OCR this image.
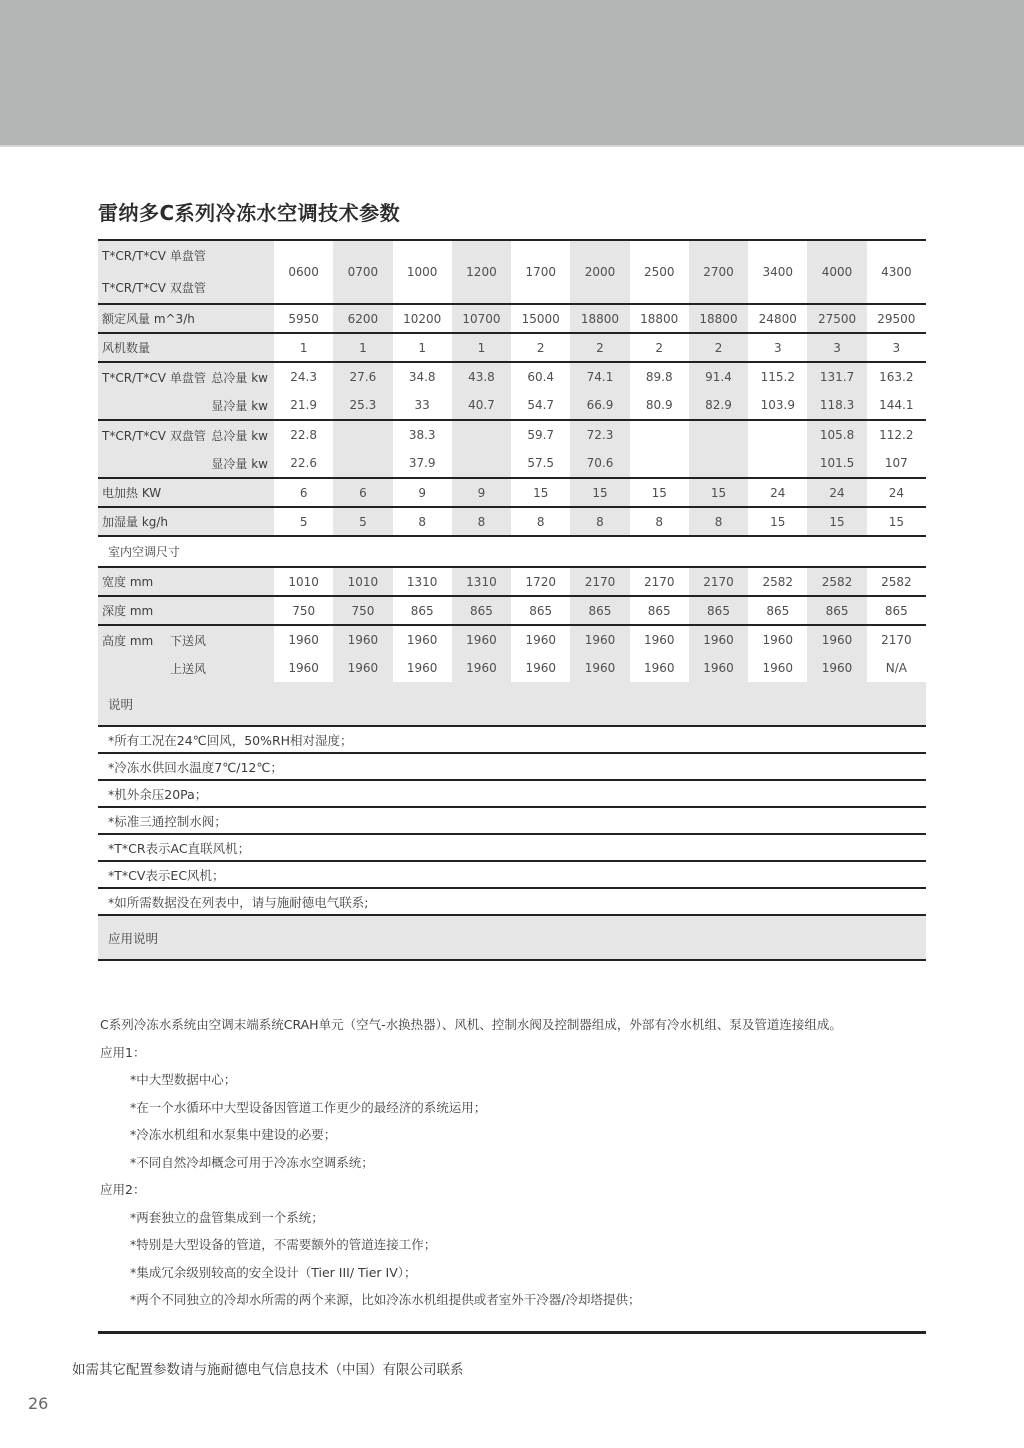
雷纳多C系列冷冻水空调技术参数
T*CR/T*CV 单盘管
T*CR/T*CV 双盘管	0600	0700	1000	1200	1700	2000	2500	2700	3400	4000	4300
额定风量 m^3/h	5950	6200	10200	10700	15000	18800	18800	18800	24800	27500	29500
风机数量	1	1	1	1	2	2	2	2	3	3	3

T*CR/T*CV 单盘管 总冷量 kw	24.3	27.6	34.8	43.8	60.4	74.1	89.8	91.4	115.2	131.7	163.2

显冷量 kw	21.9	25.3	33	40.7	54.7	66.9	80.9	82.9	103.9	118.3	144.1

T*CR/T*CV 双盘管 总冷量 kw	22.8		38.3		59.7	72.3				105.8	112.2

显冷量 kw	22.6		37.9		57.5	70.6				101.5	107
电加热 KW	6	6	9	9	15	15	15	15	24	24	24
加湿量 kg/h	5	5	8	8	8	8	8	8	15	15	15
室内空调尺寸											
宽度 mm	1010	1010	1310	1310	1720	2170	2170	2170	2582	2582	2582
深度 mm	750	750	865	865	865	865	865	865	865	865	865

高度 mm 下送风	1960	1960	1960	1960	1960	1960	1960	1960	1960	1960	2170

上送风	1960	1960	1960	1960	1960	1960	1960	1960	1960	1960	N/A
说明
*所有工况在24℃回风，50%RH相对湿度；
*冷冻水供回水温度7℃/12℃；
*机外余压20Pa；
*标准三通控制水阀；
*T*CR表示AC直联风机；
*T*CV表示EC风机；
*如所需数据没在列表中，请与施耐德电气联系;
应用说明
C系列冷冻水系统由空调末端系统CRAH单元（空气-水换热器）、风机、控制水阀及控制器组成，外部有冷水机组、泵及管道连接组成。
应用1：
*中大型数据中心；
*在一个水循环中大型设备因管道工作更少的最经济的系统运用；
*冷冻水机组和水泵集中建设的必要；
*不同自然冷却概念可用于冷冻水空调系统；
应用2：
*两套独立的盘管集成到一个系统；
*特别是大型设备的管道，不需要额外的管道连接工作；
*集成冗余级别较高的安全设计（Tier III/ Tier IV）；
*两个不同独立的冷却水所需的两个来源，比如冷冻水机组提供或者室外干冷器/冷却塔提供；
如需其它配置参数请与施耐德电气信息技术（中国）有限公司联系
26
